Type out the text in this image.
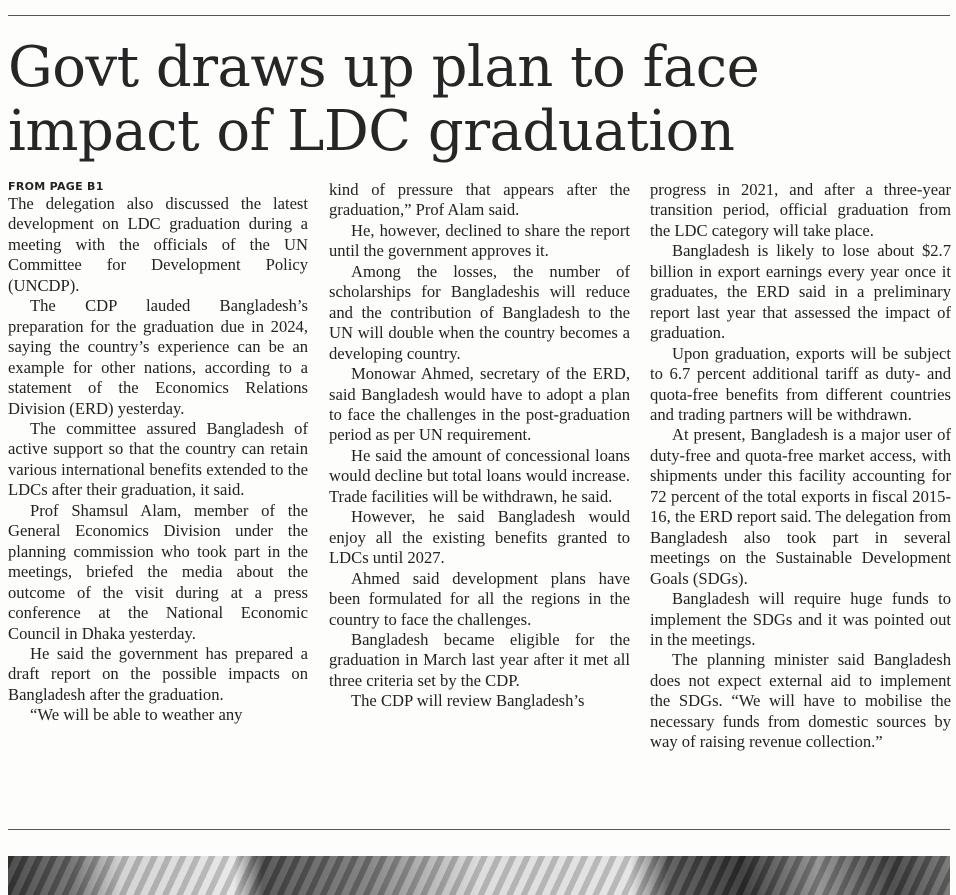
Govt draws up plan to face impact of LDC graduation
FROM PAGE B1

The delegation also discussed the latest development on LDC graduation during a meeting with the officials of the UN Committee for Development Policy (UNCDP).

The CDP lauded Bangladesh’s preparation for the graduation due in 2024, saying the country’s experience can be an example for other nations, according to a statement of the Economics Relations Division (ERD) yesterday.

The committee assured Bangladesh of active support so that the country can retain various international benefits extended to the LDCs after their graduation, it said.

Prof Shamsul Alam, member of the General Economics Division under the planning commission who took part in the meetings, briefed the media about the outcome of the visit during at a press conference at the National Economic Council in Dhaka yesterday.

He said the government has prepared a draft report on the possible impacts on Bangladesh after the graduation.

“We will be able to weather any

kind of pressure that appears after the graduation,” Prof Alam said.

He, however, declined to share the report until the government approves it.

Among the losses, the number of scholarships for Bangladeshis will reduce and the contribution of Bangladesh to the UN will double when the country becomes a developing country.

Monowar Ahmed, secretary of the ERD, said Bangladesh would have to adopt a plan to face the challenges in the post-graduation period as per UN requirement.

He said the amount of concessional loans would decline but total loans would increase. Trade facilities will be withdrawn, he said.

However, he said Bangladesh would enjoy all the existing benefits granted to LDCs until 2027.

Ahmed said development plans have been formulated for all the regions in the country to face the challenges.

Bangladesh became eligible for the graduation in March last year after it met all three criteria set by the CDP.

The CDP will review Bangladesh’s

progress in 2021, and after a three-year transition period, official graduation from the LDC category will take place.

Bangladesh is likely to lose about $2.7 billion in export earnings every year once it graduates, the ERD said in a preliminary report last year that assessed the impact of graduation.

Upon graduation, exports will be subject to 6.7 percent additional tariff as duty- and quota-free benefits from different countries and trading partners will be withdrawn.

At present, Bangladesh is a major user of duty-free and quota-free market access, with shipments under this facility accounting for 72 percent of the total exports in fiscal 2015-16, the ERD report said. The delegation from Bangladesh also took part in several meetings on the Sustainable Development Goals (SDGs).

Bangladesh will require huge funds to implement the SDGs and it was pointed out in the meetings.

The planning minister said Bangladesh does not expect external aid to implement the SDGs. “We will have to mobilise the necessary funds from domestic sources by way of raising revenue collection.”
